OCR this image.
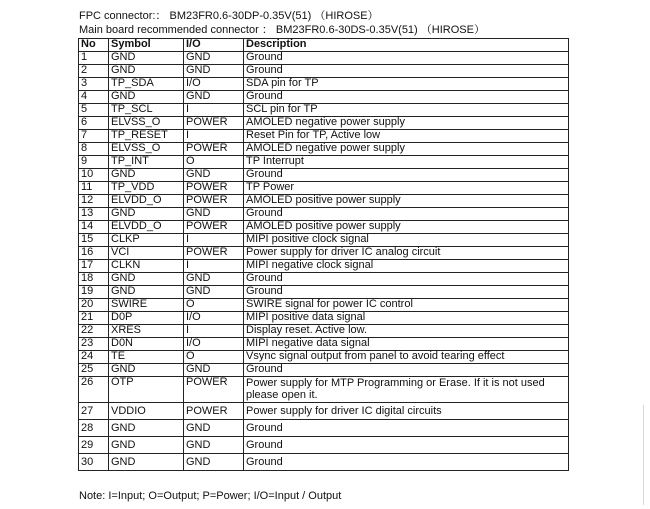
FPC connector:： BM23FR0.6-30DP-0.35V(51) （HIROSE）
Main board recommended connector ： BM23FR0.6-30DS-0.35V(51) （HIROSE）
No	Symbol	I/O	Description
1	GND	GND	Ground
2	GND	GND	Ground
3	TP_SDA	I/O	SDA pin for TP
4	GND	GND	Ground
5	TP_SCL	I	SCL pin for TP
6	ELVSS_O	POWER	AMOLED negative power supply
7	TP_RESET	I	Reset Pin for TP, Active low
8	ELVSS_O	POWER	AMOLED negative power supply
9	TP_INT	O	TP Interrupt
10	GND	GND	Ground
11	TP_VDD	POWER	TP Power
12	ELVDD_O	POWER	AMOLED positive power supply
13	GND	GND	Ground
14	ELVDD_O	POWER	AMOLED positive power supply
15	CLKP	I	MIPI positive clock signal
16	VCI	POWER	Power supply for driver IC analog circuit
17	CLKN	I	MIPI negative clock signal
18	GND	GND	Ground
19	GND	GND	Ground
20	SWIRE	O	SWIRE signal for power IC control
21	D0P	I/O	MIPI positive data signal
22	XRES	I	Display reset. Active low.
23	D0N	I/O	MIPI negative data signal
24	TE	O	Vsync signal output from panel to avoid tearing effect
25	GND	GND	Ground
26	OTP	POWER	Power supply for MTP Programming or Erase. If it is not used please open it.
27	VDDIO	POWER	Power supply for driver IC digital circuits
28	GND	GND	Ground
29	GND	GND	Ground
30	GND	GND	Ground
Note: I=Input; O=Output; P=Power; I/O=Input / Output
